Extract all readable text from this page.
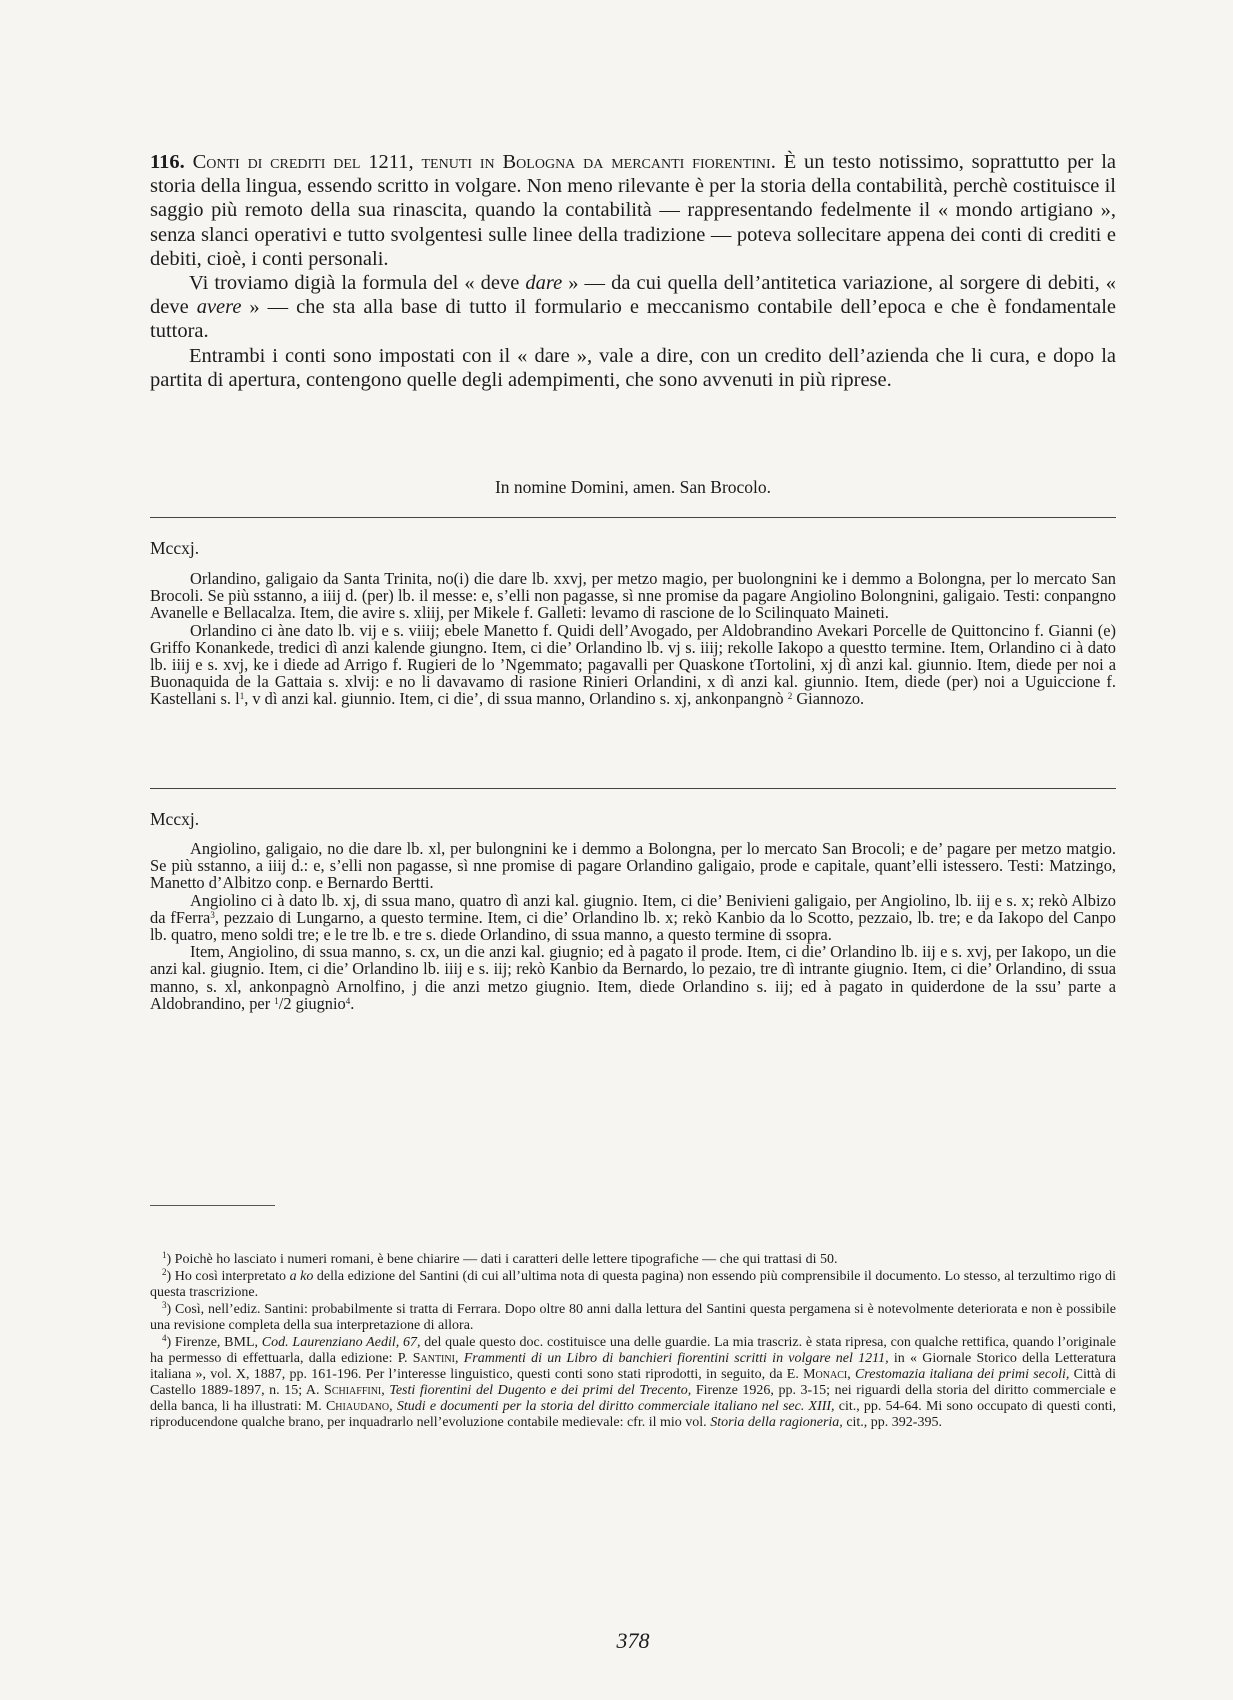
116. Conti di crediti del 1211, tenuti in Bologna da mercanti fiorentini. È un testo notissimo, soprattutto per la storia della lingua, essendo scritto in volgare. Non meno rilevante è per la storia della contabilità, perchè costituisce il saggio più remoto della sua rinascita, quando la contabilità — rappresentando fedelmente il « mondo artigiano », senza slanci operativi e tutto svolgentesi sulle linee della tradizione — poteva sollecitare appena dei conti di crediti e debiti, cioè, i conti personali.

Vi troviamo digià la formula del « deve dare » — da cui quella dell’antitetica variazione, al sorgere di debiti, « deve avere » — che sta alla base di tutto il formulario e meccanismo contabile dell’epoca e che è fondamentale tuttora.

Entrambi i conti sono impostati con il « dare », vale a dire, con un credito dell’azienda che li cura, e dopo la partita di apertura, contengono quelle degli adempimenti, che sono avvenuti in più riprese.

In nomine Domini, amen. San Brocolo.
Mccxj.

Orlandino, galigaio da Santa Trinita, no(i) die dare lb. xxvj, per metzo magio, per buolongnini ke i demmo a Bolongna, per lo mercato San Brocoli. Se più sstanno, a iiij d. (per) lb. il messe: e, s’elli non pagasse, sì nne promise da pagare Angiolino Bolongnini, galigaio. Testi: conpangno Avanelle e Bellacalza. Item, die avire s. xliij, per Mikele f. Galleti: levamo di rascione de lo Scilinquato Maineti.

Orlandino ci àne dato lb. vij e s. viiij; ebele Manetto f. Quidi dell’Avogado, per Aldobrandino Avekari Porcelle de Quittoncino f. Gianni (e) Griffo Konankede, tredici dì anzi kalende giungno. Item, ci die’ Orlandino lb. vj s. iiij; rekolle Iakopo a questto termine. Item, Orlandino ci à dato lb. iiij e s. xvj, ke i diede ad Arrigo f. Rugieri de lo ’Ngemmato; pagavalli per Quaskone tTortolini, xj dì anzi kal. giunnio. Item, diede per noi a Buonaquida de la Gattaia s. xlvij: e no li davavamo di rasione Rinieri Orlandini, x dì anzi kal. giunnio. Item, diede (per) noi a Uguiccione f. Kastellani s. $l^1$, v dì anzi kal. giunnio. Item, ci die’, di ssua manno, Orlandino s. xj, ankonpangnò $^2$ Giannozo.

Mccxj.

Angiolino, galigaio, no die dare lb. xl, per bulongnini ke i demmo a Bolongna, per lo mercato San Brocoli; e de’ pagare per metzo matgio. Se più sstanno, a iiij d.: e, s’elli non pagasse, sì nne promise di pagare Orlandino galigaio, prode e capitale, quant’elli istessero. Testi: Matzingo, Manetto d’Albitzo conp. e Bernardo Bertti.

Angiolino ci à dato lb. xj, di ssua mano, quatro dì anzi kal. giugnio. Item, ci die’ Benivieni galigaio, per Angiolino, lb. iij e s. x; rekò Albizo da fFerra$^3$, pezzaio di Lungarno, a questo termine. Item, ci die’ Orlandino lb. x; rekò Kanbio da lo Scotto, pezzaio, lb. tre; e da Iakopo del Canpo lb. quatro, meno soldi tre; e le tre lb. e tre s. diede Orlandino, di ssua manno, a questo termine di ssopra.

Item, Angiolino, di ssua manno, s. cx, un die anzi kal. giugnio; ed à pagato il prode. Item, ci die’ Orlandino lb. iij e s. xvj, per Iakopo, un die anzi kal. giugnio. Item, ci die’ Orlandino lb. iiij e s. iij; rekò Kanbio da Bernardo, lo pezaio, tre dì intrante giugnio. Item, ci die’ Orlandino, di ssua manno, s. xl, ankonpagnò Arnolfino, j die anzi metzo giugnio. Item, diede Orlandino s. iij; ed à pagato in quiderdone de la ssu’ parte a Aldobrandino, per $^1$/2 giugnio$^4$.

$^1$) Poichè ho lasciato i numeri romani, è bene chiarire — dati i caratteri delle lettere tipografiche — che qui trattasi di 50.

$^2$) Ho così interpretato a ko della edizione del Santini (di cui all’ultima nota di questa pagina) non essendo più comprensibile il documento. Lo stesso, al terzultimo rigo di questa trascrizione.

$^3$) Così, nell’ediz. Santini: probabilmente si tratta di Ferrara. Dopo oltre 80 anni dalla lettura del Santini questa pergamena si è notevolmente deteriorata e non è possibile una revisione completa della sua interpretazione di allora.

$^4$) Firenze, BML, Cod. Laurenziano Aedil, 67, del quale questo doc. costituisce una delle guardie. La mia trascriz. è stata ripresa, con qualche rettifica, quando l’originale ha permesso di effettuarla, dalla edizione: P. Santini, Frammenti di un Libro di banchieri fiorentini scritti in volgare nel 1211, in « Giornale Storico della Letteratura italiana », vol. X, 1887, pp. 161-196. Per l’interesse linguistico, questi conti sono stati riprodotti, in seguito, da E. Monaci, Crestomazia italiana dei primi secoli, Città di Castello 1889-1897, n. 15; A. Schiaffini, Testi fiorentini del Dugento e dei primi del Trecento, Firenze 1926, pp. 3-15; nei riguardi della storia del diritto commerciale e della banca, li ha illustrati: M. Chiaudano, Studi e documenti per la storia del diritto commerciale italiano nel sec. XIII, cit., pp. 54-64. Mi sono occupato di questi conti, riproducendone qualche brano, per inquadrarlo nell’evoluzione contabile medievale: cfr. il mio vol. Storia della ragioneria, cit., pp. 392-395.

378
